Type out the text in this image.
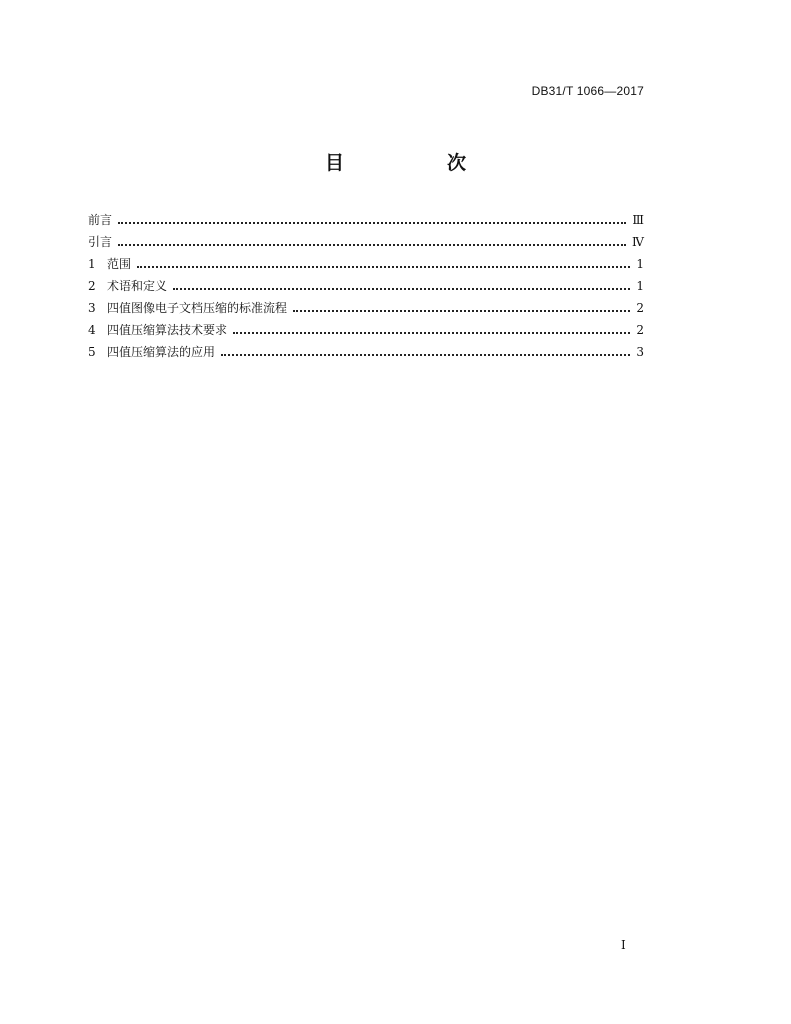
DB31/T 1066—2017
目　次
前言	Ⅲ
引言	Ⅳ
1 范围	1
2 术语和定义	1
3 四值图像电子文档压缩的标准流程	2
4 四值压缩算法技术要求	2
5 四值压缩算法的应用	3
I
